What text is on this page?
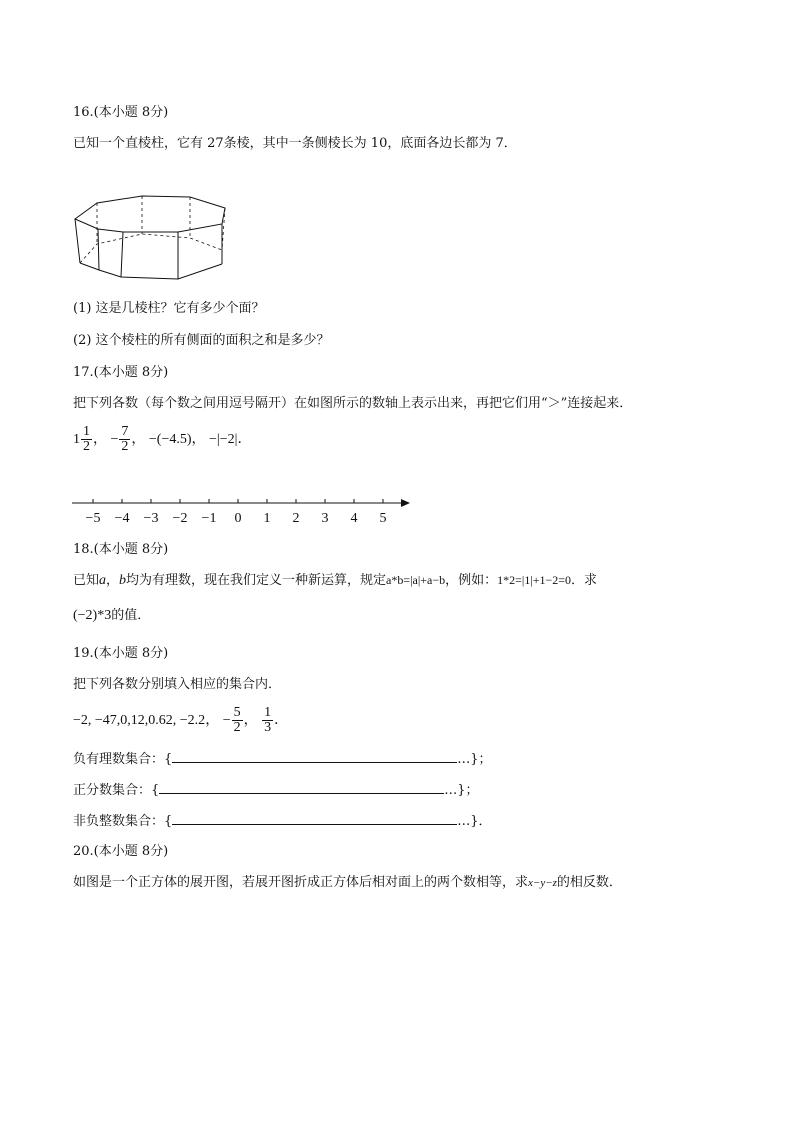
16.(本小题 8分)
已知一个直棱柱，它有 27条棱，其中一条侧棱长为 10，底面各边长都为 7．
(1) 这是几棱柱？它有多少个面？
(2) 这个棱柱的所有侧面的面积之和是多少？
17.(本小题 8分)
把下列各数（每个数之间用逗号隔开）在如图所示的数轴上表示出来，再把它们用“＞”连接起来．
$1 \frac{1}{2}$ ， − $\frac{7}{2}$ ， −(−4.5)， −|−2|．
−5 −4 −3 −2 −1 0 1 2 3 4 5
18.(本小题 8分)
已知a，b均为有理数，现在我们定义一种新运算，规定a*b=|a|+a−b，例如：1*2=|1|+1−2=0．求
(−2)*3的值．
19.(本小题 8分)
把下列各数分别填入相应的集合内．
−2, −47,0,12,0.62, −2.2， − $\frac{5}{2}$ ， $\frac{1}{3}$ ．
负有理数集合：{	…}；
正分数集合：{	…}；
非负整数集合：{	…}．
20.(本小题 8分)
如图是一个正方体的展开图，若展开图折成正方体后相对面上的两个数相等，求x−y−z的相反数．
